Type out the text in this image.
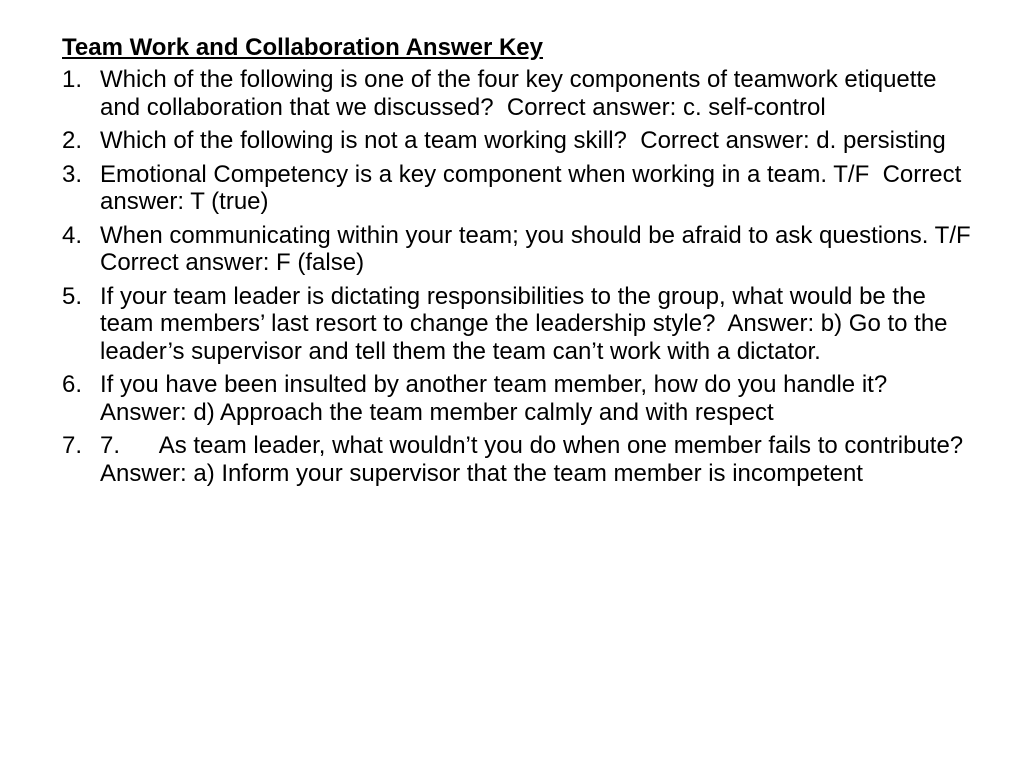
Team Work and Collaboration Answer Key
1. Which of the following is one of the four key components of teamwork etiquette and collaboration that we discussed?  Correct answer: c. self-control
2. Which of the following is not a team working skill?  Correct answer: d. persisting
3. Emotional Competency is a key component when working in a team. T/F  Correct answer: T (true)
4. When communicating within your team; you should be afraid to ask questions. T/F  Correct answer: F (false)
5. If your team leader is dictating responsibilities to the group, what would be the team members’ last resort to change the leadership style?  Answer: b) Go to the leader’s supervisor and tell them the team can’t work with a dictator.
6. If you have been insulted by another team member, how do you handle it?  Answer: d) Approach the team member calmly and with respect
7. 7.      As team leader, what wouldn’t you do when one member fails to contribute?  Answer: a) Inform your supervisor that the team member is incompetent
